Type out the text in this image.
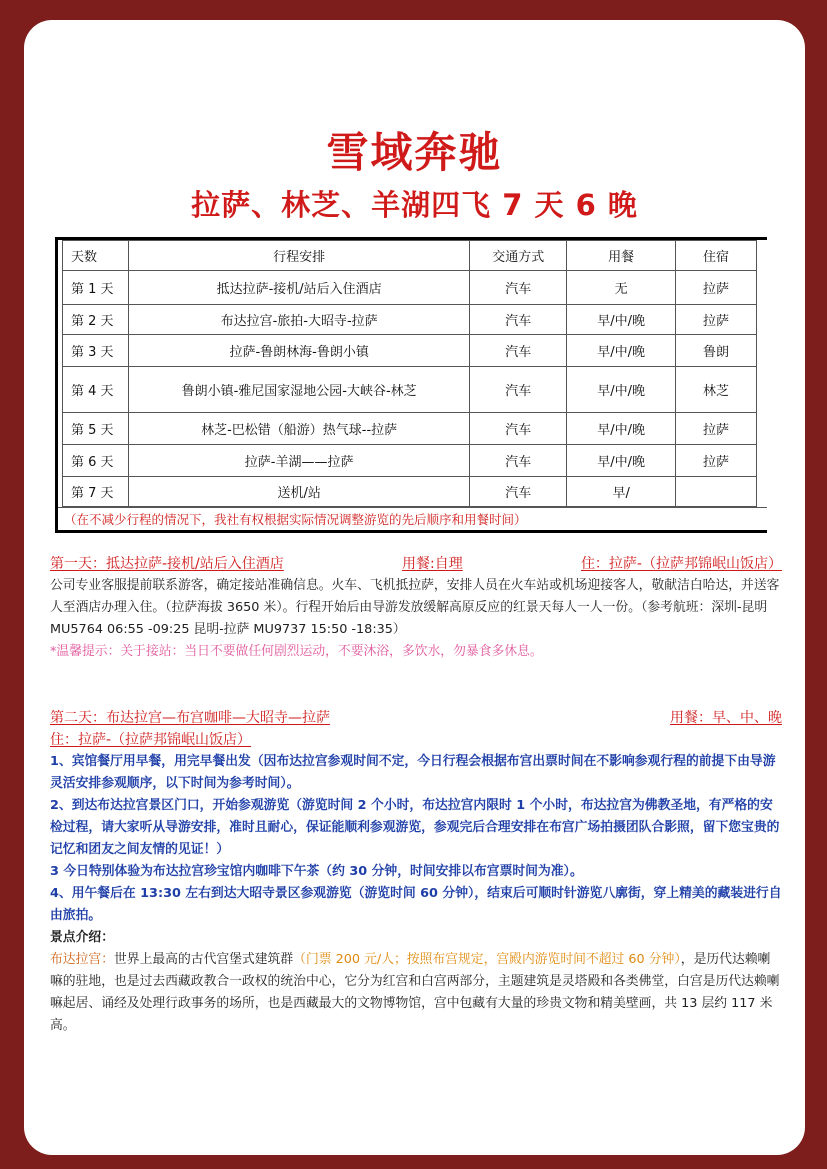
雪域奔驰
拉萨、林芝、羊湖四飞 7 天 6 晚
天数	行程安排	交通方式	用餐	住宿
第 1 天	抵达拉萨-接机/站后入住酒店	汽车	无	拉萨
第 2 天	布达拉宫-旅拍-大昭寺-拉萨	汽车	早/中/晚	拉萨
第 3 天	拉萨-鲁朗林海-鲁朗小镇	汽车	早/中/晚	鲁朗
第 4 天	鲁朗小镇-雅尼国家湿地公园-大峡谷-林芝	汽车	早/中/晚	林芝
第 5 天	林芝-巴松错（船游）热气球--拉萨	汽车	早/中/晚	拉萨
第 6 天	拉萨-羊湖——拉萨	汽车	早/中/晚	拉萨
第 7 天	送机/站	汽车	早/	
（在不减少行程的情况下，我社有权根据实际情况调整游览的先后顺序和用餐时间）
第一天：抵达拉萨-接机/站后入住酒店	用餐:自理	住：拉萨-（拉萨邦锦岷山饭店）
公司专业客服提前联系游客，确定接站准确信息。火车、飞机抵拉萨，安排人员在火车站或机场迎接客人，敬献洁白哈达，并送客人至酒店办理入住。（拉萨海拔 3650 米）。行程开始后由导游发放缓解高原反应的红景天每人一人一份。（参考航班：深圳-昆明 MU5764 06:55 -09:25 昆明-拉萨 MU9737 15:50 -18:35）
*温馨提示：关于接站：当日不要做任何剧烈运动，不要沐浴，多饮水，勿暴食多休息。
第二天：布达拉宫—布宫咖啡—大昭寺—拉萨	用餐：早、中、晚
住：拉萨-（拉萨邦锦岷山饭店）
1、宾馆餐厅用早餐，用完早餐出发（因布达拉宫参观时间不定，今日行程会根据布宫出票时间在不影响参观行程的前提下由导游灵活安排参观顺序，以下时间为参考时间）。
2、到达布达拉宫景区门口，开始参观游览（游览时间 2 个小时，布达拉宫内限时 1 个小时，布达拉宫为佛教圣地，有严格的安检过程，请大家听从导游安排，准时且耐心，保证能顺利参观游览，参观完后合理安排在布宫广场拍摄团队合影照，留下您宝贵的记忆和团友之间友情的见证！）
3 今日特别体验为布达拉宫珍宝馆内咖啡下午茶（约 30 分钟，时间安排以布宫票时间为准）。
4、用午餐后在 13:30 左右到达大昭寺景区参观游览（游览时间 60 分钟），结束后可顺时针游览八廓街，穿上精美的藏装进行自由旅拍。
景点介绍：
布达拉宫：世界上最高的古代宫堡式建筑群（门票 200 元/人；按照布宫规定，宫殿内游览时间不超过 60 分钟），是历代达赖喇嘛的驻地，也是过去西藏政教合一政权的统治中心，它分为红宫和白宫两部分，主题建筑是灵塔殿和各类佛堂，白宫是历代达赖喇嘛起居、诵经及处理行政事务的场所，也是西藏最大的文物博物馆，宫中包藏有大量的珍贵文物和精美壁画，共 13 层约 117 米高。
